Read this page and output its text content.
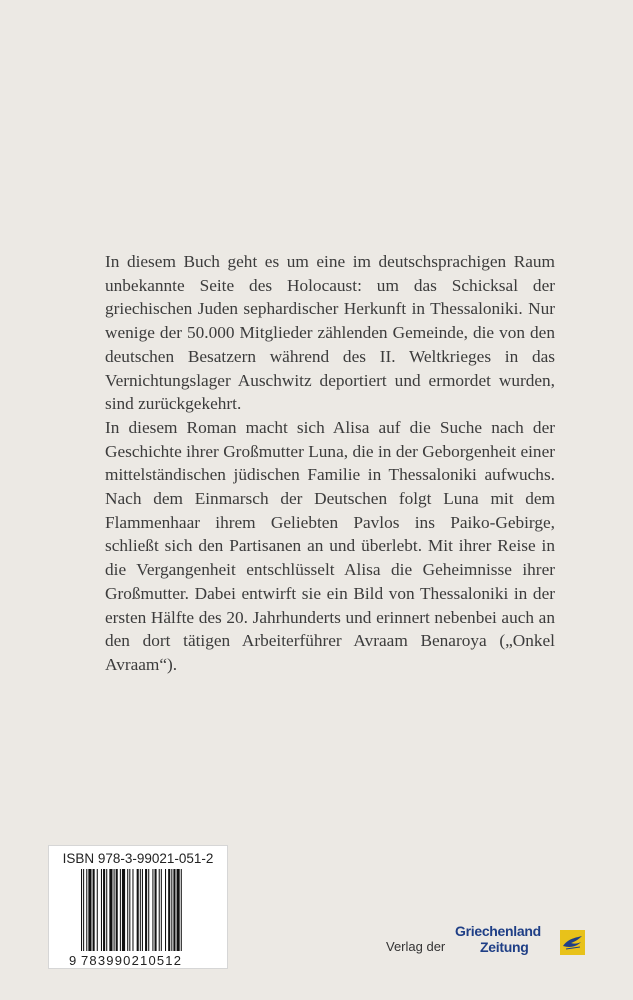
In diesem Buch geht es um eine im deutschsprachigen Raum unbekannte Seite des Holocaust: um das Schicksal der griechischen Juden sephardischer Herkunft in Thessaloniki. Nur wenige der 50.000 Mitglieder zählenden Gemeinde, die von den deutschen Besatzern während des II. Weltkrieges in das Vernichtungslager Auschwitz deportiert und ermordet wurden, sind zurückgekehrt.

In diesem Roman macht sich Alisa auf die Suche nach der Geschichte ihrer Großmutter Luna, die in der Geborgenheit einer mittelständischen jüdischen Familie in Thessaloniki aufwuchs. Nach dem Einmarsch der Deutschen folgt Luna mit dem Flammenhaar ihrem Geliebten Pavlos ins Paiko-Gebirge, schließt sich den Partisanen an und überlebt. Mit ihrer Reise in die Vergangenheit entschlüsselt Alisa die Geheimnisse ihrer Großmutter. Dabei entwirft sie ein Bild von Thessaloniki in der ersten Hälfte des 20. Jahrhunderts und erinnert nebenbei auch an den dort tätigen Arbeiterführer Avraam Benaroya („Onkel Avraam“).

ISBN 978-3-99021-051-2
9 783990210512
Verlag der
Griechenland
Zeitung
